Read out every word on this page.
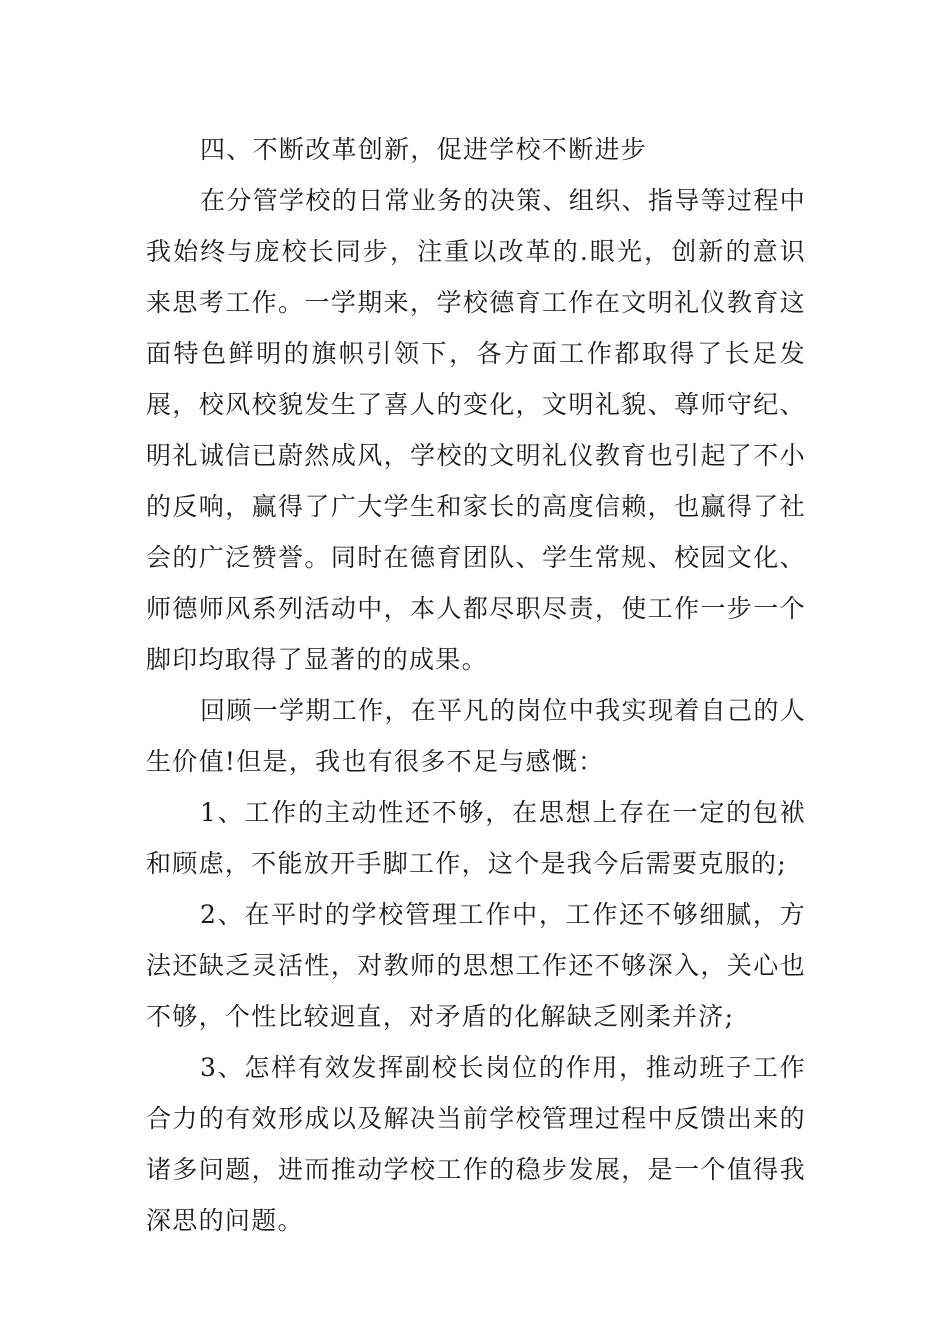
四、不断改革创新，促进学校不断进步

在分管学校的日常业务的决策、组织、指导等过程中我始终与庞校长同步，注重以改革的.眼光，创新的意识来思考工作。一学期来，学校德育工作在文明礼仪教育这面特色鲜明的旗帜引领下，各方面工作都取得了长足发展，校风校貌发生了喜人的变化，文明礼貌、尊师守纪、明礼诚信已蔚然成风，学校的文明礼仪教育也引起了不小的反响，赢得了广大学生和家长的高度信赖，也赢得了社会的广泛赞誉。同时在德育团队、学生常规、校园文化、师德师风系列活动中，本人都尽职尽责，使工作一步一个脚印均取得了显著的的成果。

回顾一学期工作，在平凡的岗位中我实现着自己的人生价值!但是，我也有很多不足与感慨：

1、工作的主动性还不够，在思想上存在一定的包袱和顾虑，不能放开手脚工作，这个是我今后需要克服的;

2、在平时的学校管理工作中，工作还不够细腻，方法还缺乏灵活性，对教师的思想工作还不够深入，关心也不够，个性比较迥直，对矛盾的化解缺乏刚柔并济;

3、怎样有效发挥副校长岗位的作用，推动班子工作合力的有效形成以及解决当前学校管理过程中反馈出来的诸多问题，进而推动学校工作的稳步发展，是一个值得我深思的问题。
